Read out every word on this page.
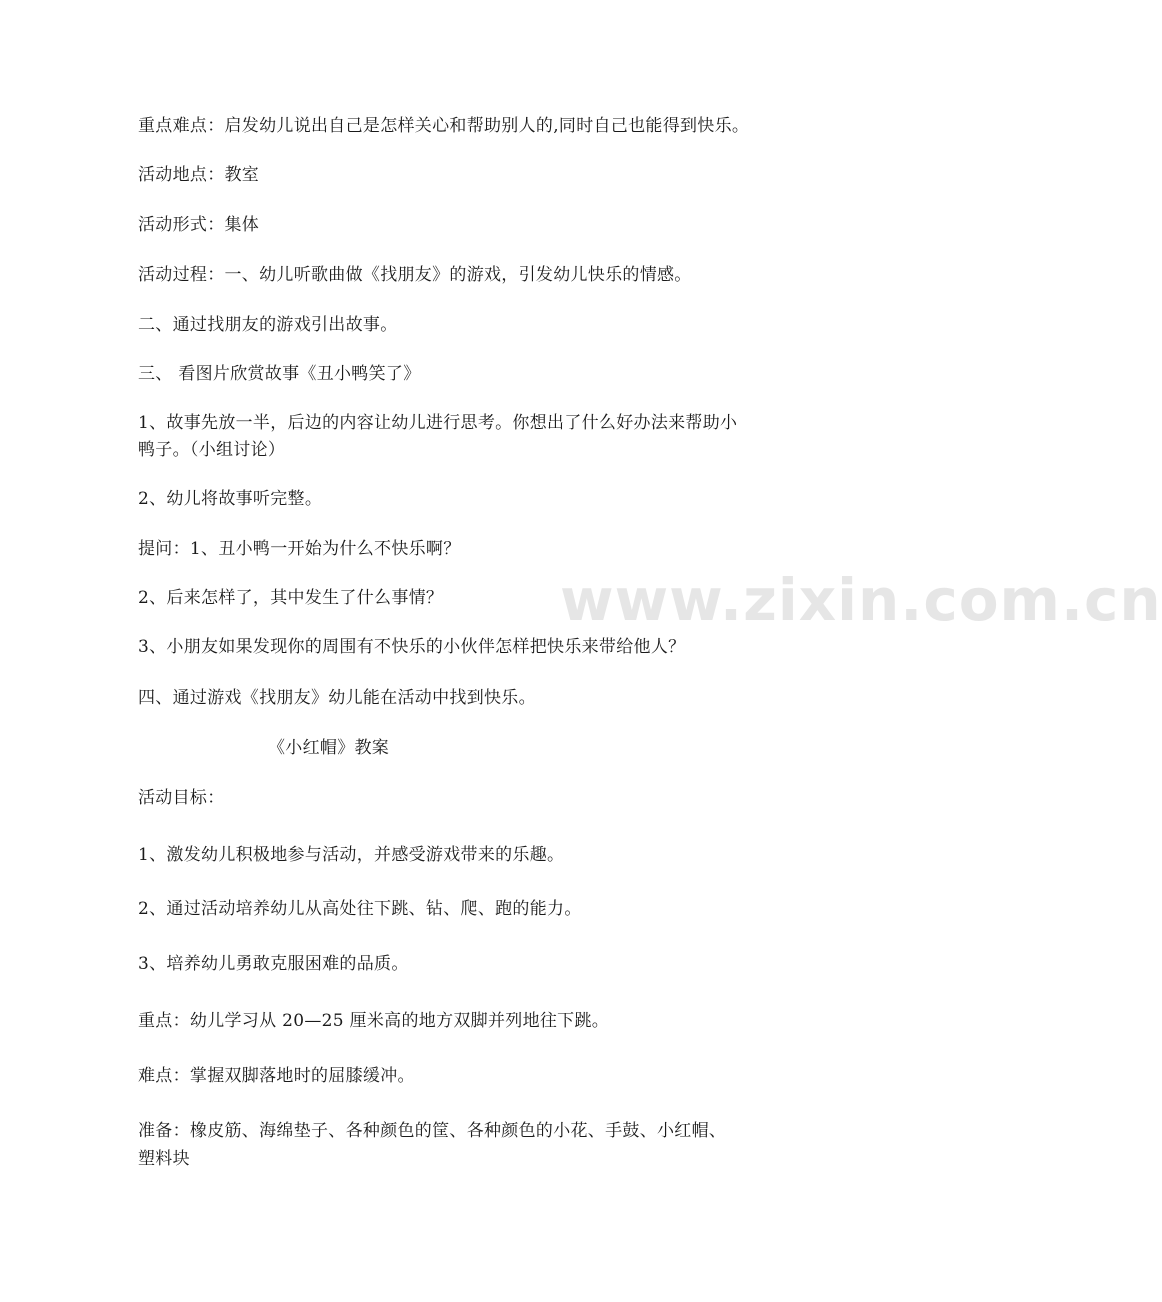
www.zixin.com.cn
重点难点：启发幼儿说出自己是怎样关心和帮助别人的,同时自己也能得到快乐。
活动地点：教室
活动形式：集体
活动过程：一、幼儿听歌曲做《找朋友》的游戏，引发幼儿快乐的情感。
二、通过找朋友的游戏引出故事。
三、 看图片欣赏故事《丑小鸭笑了》
1、故事先放一半，后边的内容让幼儿进行思考。你想出了什么好办法来帮助小
鸭子。（小组讨论）
2、幼儿将故事听完整。
提问：1、丑小鸭一开始为什么不快乐啊？
2、后来怎样了，其中发生了什么事情？
3、小朋友如果发现你的周围有不快乐的小伙伴怎样把快乐来带给他人？
四、通过游戏《找朋友》幼儿能在活动中找到快乐。
《小红帽》教案
活动目标：
1、激发幼儿积极地参与活动，并感受游戏带来的乐趣。
2、通过活动培养幼儿从高处往下跳、钻、爬、跑的能力。
3、培养幼儿勇敢克服困难的品质。
重点：幼儿学习从 20—25 厘米高的地方双脚并列地往下跳。
难点：掌握双脚落地时的屈膝缓冲。
准备：橡皮筋、海绵垫子、各种颜色的筐、各种颜色的小花、手鼓、小红帽、
塑料块
